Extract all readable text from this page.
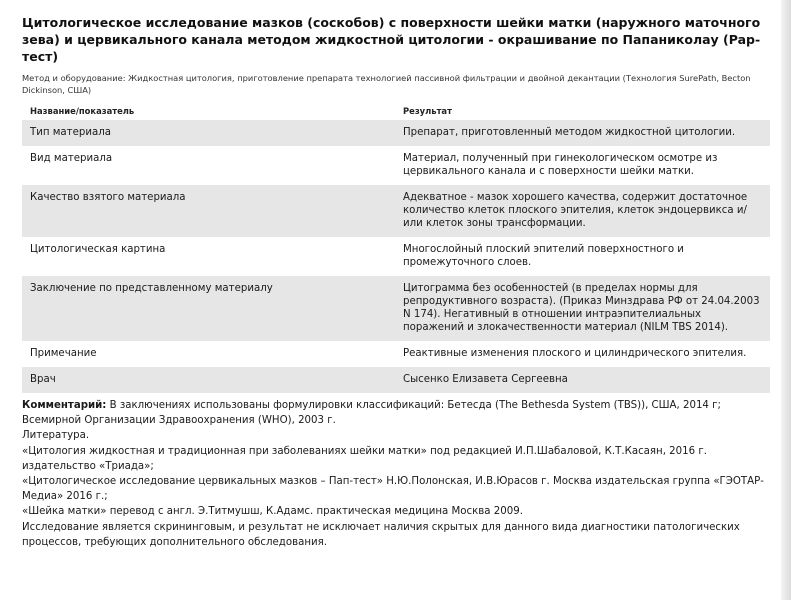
Цитологическое исследование мазков (соскобов) с поверхности шейки матки (наружного маточного зева) и цервикального канала методом жидкостной цитологии - окрашивание по Папаниколау (Pap-тест)
Метод и оборудование: Жидкостная цитология, приготовление препарата технологией пассивной фильтрации и двойной декантации (Технология SurePath, Becton Dickinson, США)
Название/показатель	Результат
Тип материала	Препарат, приготовленный методом жидкостной цитологии.
Вид материала	Материал, полученный при гинекологическом осмотре из цервикального канала и с поверхности шейки матки.
Качество взятого материала	Адекватное - мазок хорошего качества, содержит достаточное количество клеток плоского эпителия, клеток эндоцервикса и/или клеток зоны трансформации.
Цитологическая картина	Многослойный плоский эпителий поверхностного и промежуточного слоев.
Заключение по представленному материалу	Цитограмма без особенностей (в пределах нормы для репродуктивного возраста). (Приказ Минздрава РФ от 24.04.2003 N 174). Негативный в отношении интраэпителиальных поражений и злокачественности материал (NILM TBS 2014).
Примечание	Реактивные изменения плоского и цилиндрического эпителия.
Врач	Сысенко Елизавета Сергеевна

Комментарий: В заключениях использованы формулировки классификаций: Бетесда (The Bethesda System (TBS)), США, 2014 г; Всемирной Организации Здравоохранения (WHO), 2003 г.

Литература.

«Цитология жидкостная и традиционная при заболеваниях шейки матки» под редакцией И.П.Шабаловой, К.Т.Касаян, 2016 г. издательство «Триада»;

«Цитологическое исследование цервикальных мазков – Пап-тест» Н.Ю.Полонская, И.В.Юрасов г. Москва издательская группа «ГЭОТАР-Медиа» 2016 г.;

«Шейка матки» перевод с англ. Э.Титмушш, К.Адамс. практическая медицина Москва 2009.

Исследование является скрининговым, и результат не исключает наличия скрытых для данного вида диагностики патологических процессов, требующих дополнительного обследования.
